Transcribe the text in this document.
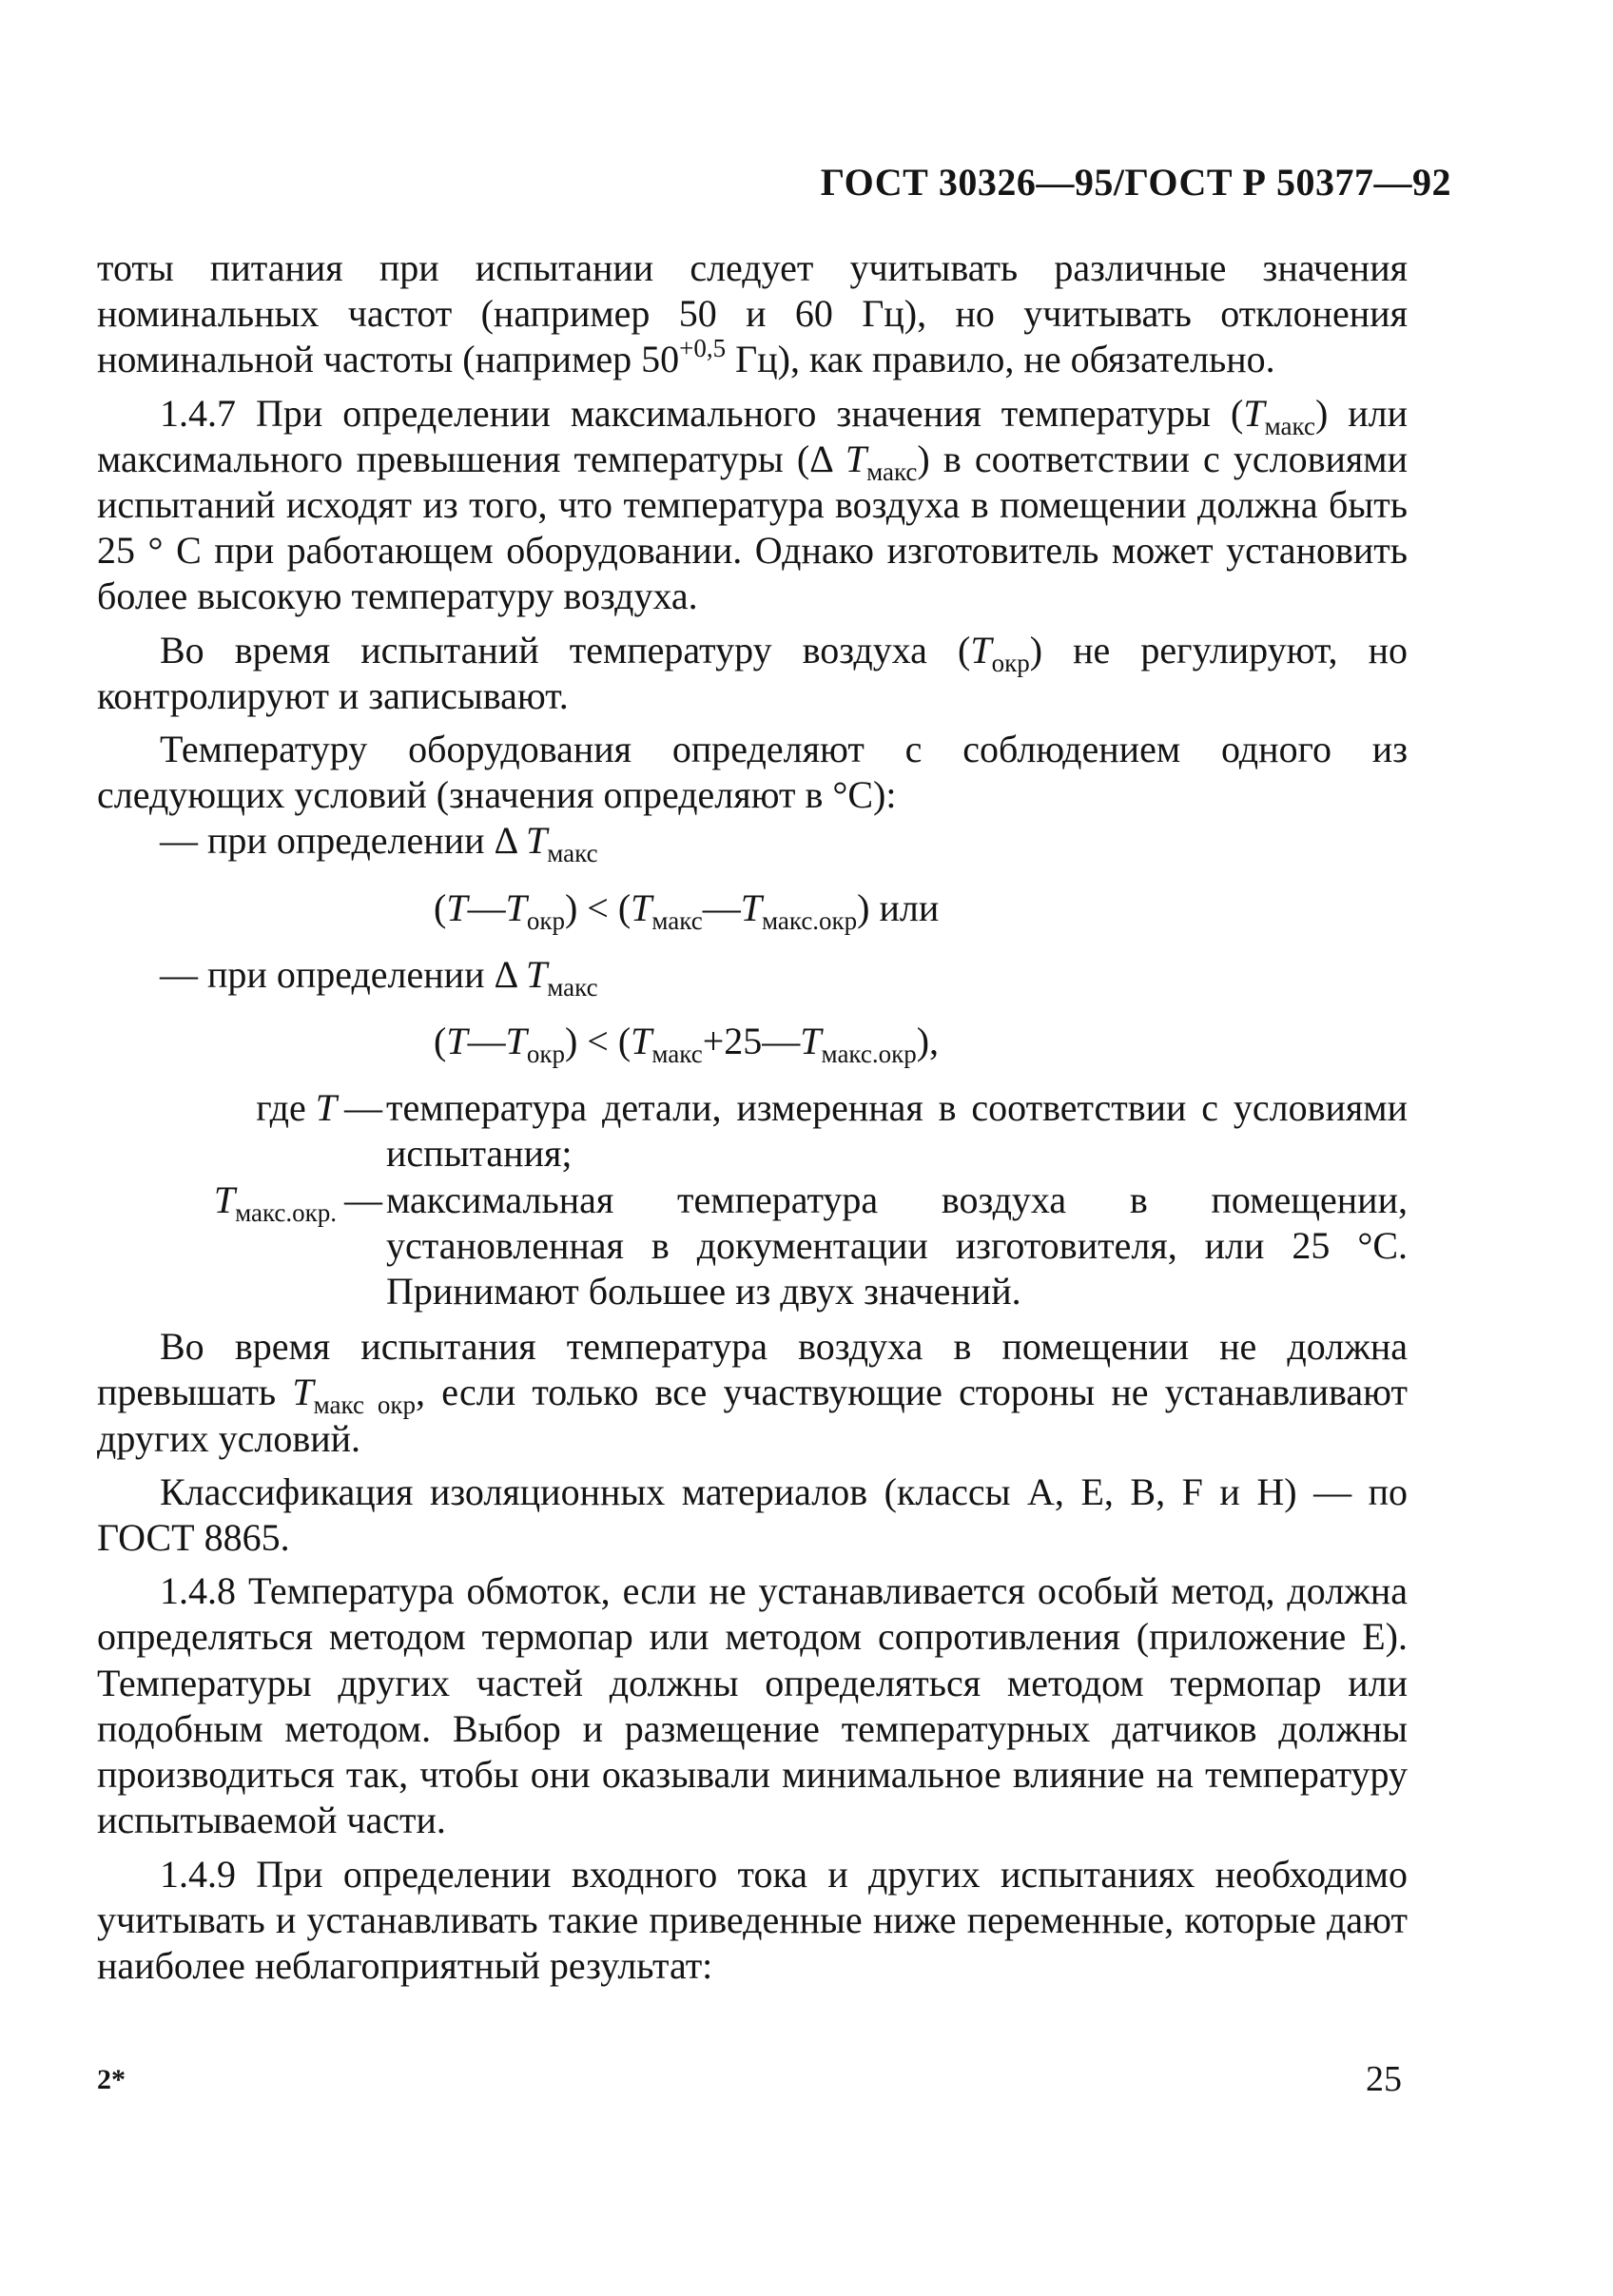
ГОСТ 30326—95/ГОСТ Р 50377—92

тоты питания при испытании следует учитывать различные значения номинальных частот (например 50 и 60 Гц), но учитывать отклонения номинальной частоты (например $50^{+0,5}$ Гц), как правило, не обязательно.

1.4.7 При определении максимального значения температуры $(T_{макс})$ или максимального превышения температуры (Δ $T_{макс}$) в соответствии с условиями испытаний исходят из того, что температура воздуха в помещении должна быть 25 ° С при работающем оборудовании. Однако изготовитель может установить более высокую температуру воздуха.

Во время испытаний температуру воздуха $(T_{окр})$ не регулируют, но контролируют и записывают.

Температуру оборудования определяют с соблюдением одного из следующих условий (значения определяют в °С):

— при определении Δ $T_{макс}$

$(T—T_{окр})$ < $(T_{макс}—T_{макс.окр})$ или

— при определении Δ $T_{макс}$

$(T—T_{окр})$ < $(T_{макс}+25—T_{макс.окр})$,

где T — температура детали, измеренная в соответствии с условиями испытания;
$T_{макс.окр.}$ — максимальная температура воздуха в помещении, установленная в документации изготовителя, или 25 °С. Принимают большее из двух значений.

Во время испытания температура воздуха в помещении не должна превышать $T_{макс окр}$, если только все участвующие стороны не устанавливают других условий.

Классификация изоляционных материалов (классы А, Е, В, F и Н) — по ГОСТ 8865.

1.4.8 Температура обмоток, если не устанавливается особый метод, должна определяться методом термопар или методом сопротивления (приложение Е). Температуры других частей должны определяться методом термопар или подобным методом. Выбор и размещение температурных датчиков должны производиться так, чтобы они оказывали минимальное влияние на температуру испытываемой части.

1.4.9 При определении входного тока и других испытаниях необходимо учитывать и устанавливать такие приведенные ниже переменные, которые дают наиболее неблагоприятный результат:

2*	25
